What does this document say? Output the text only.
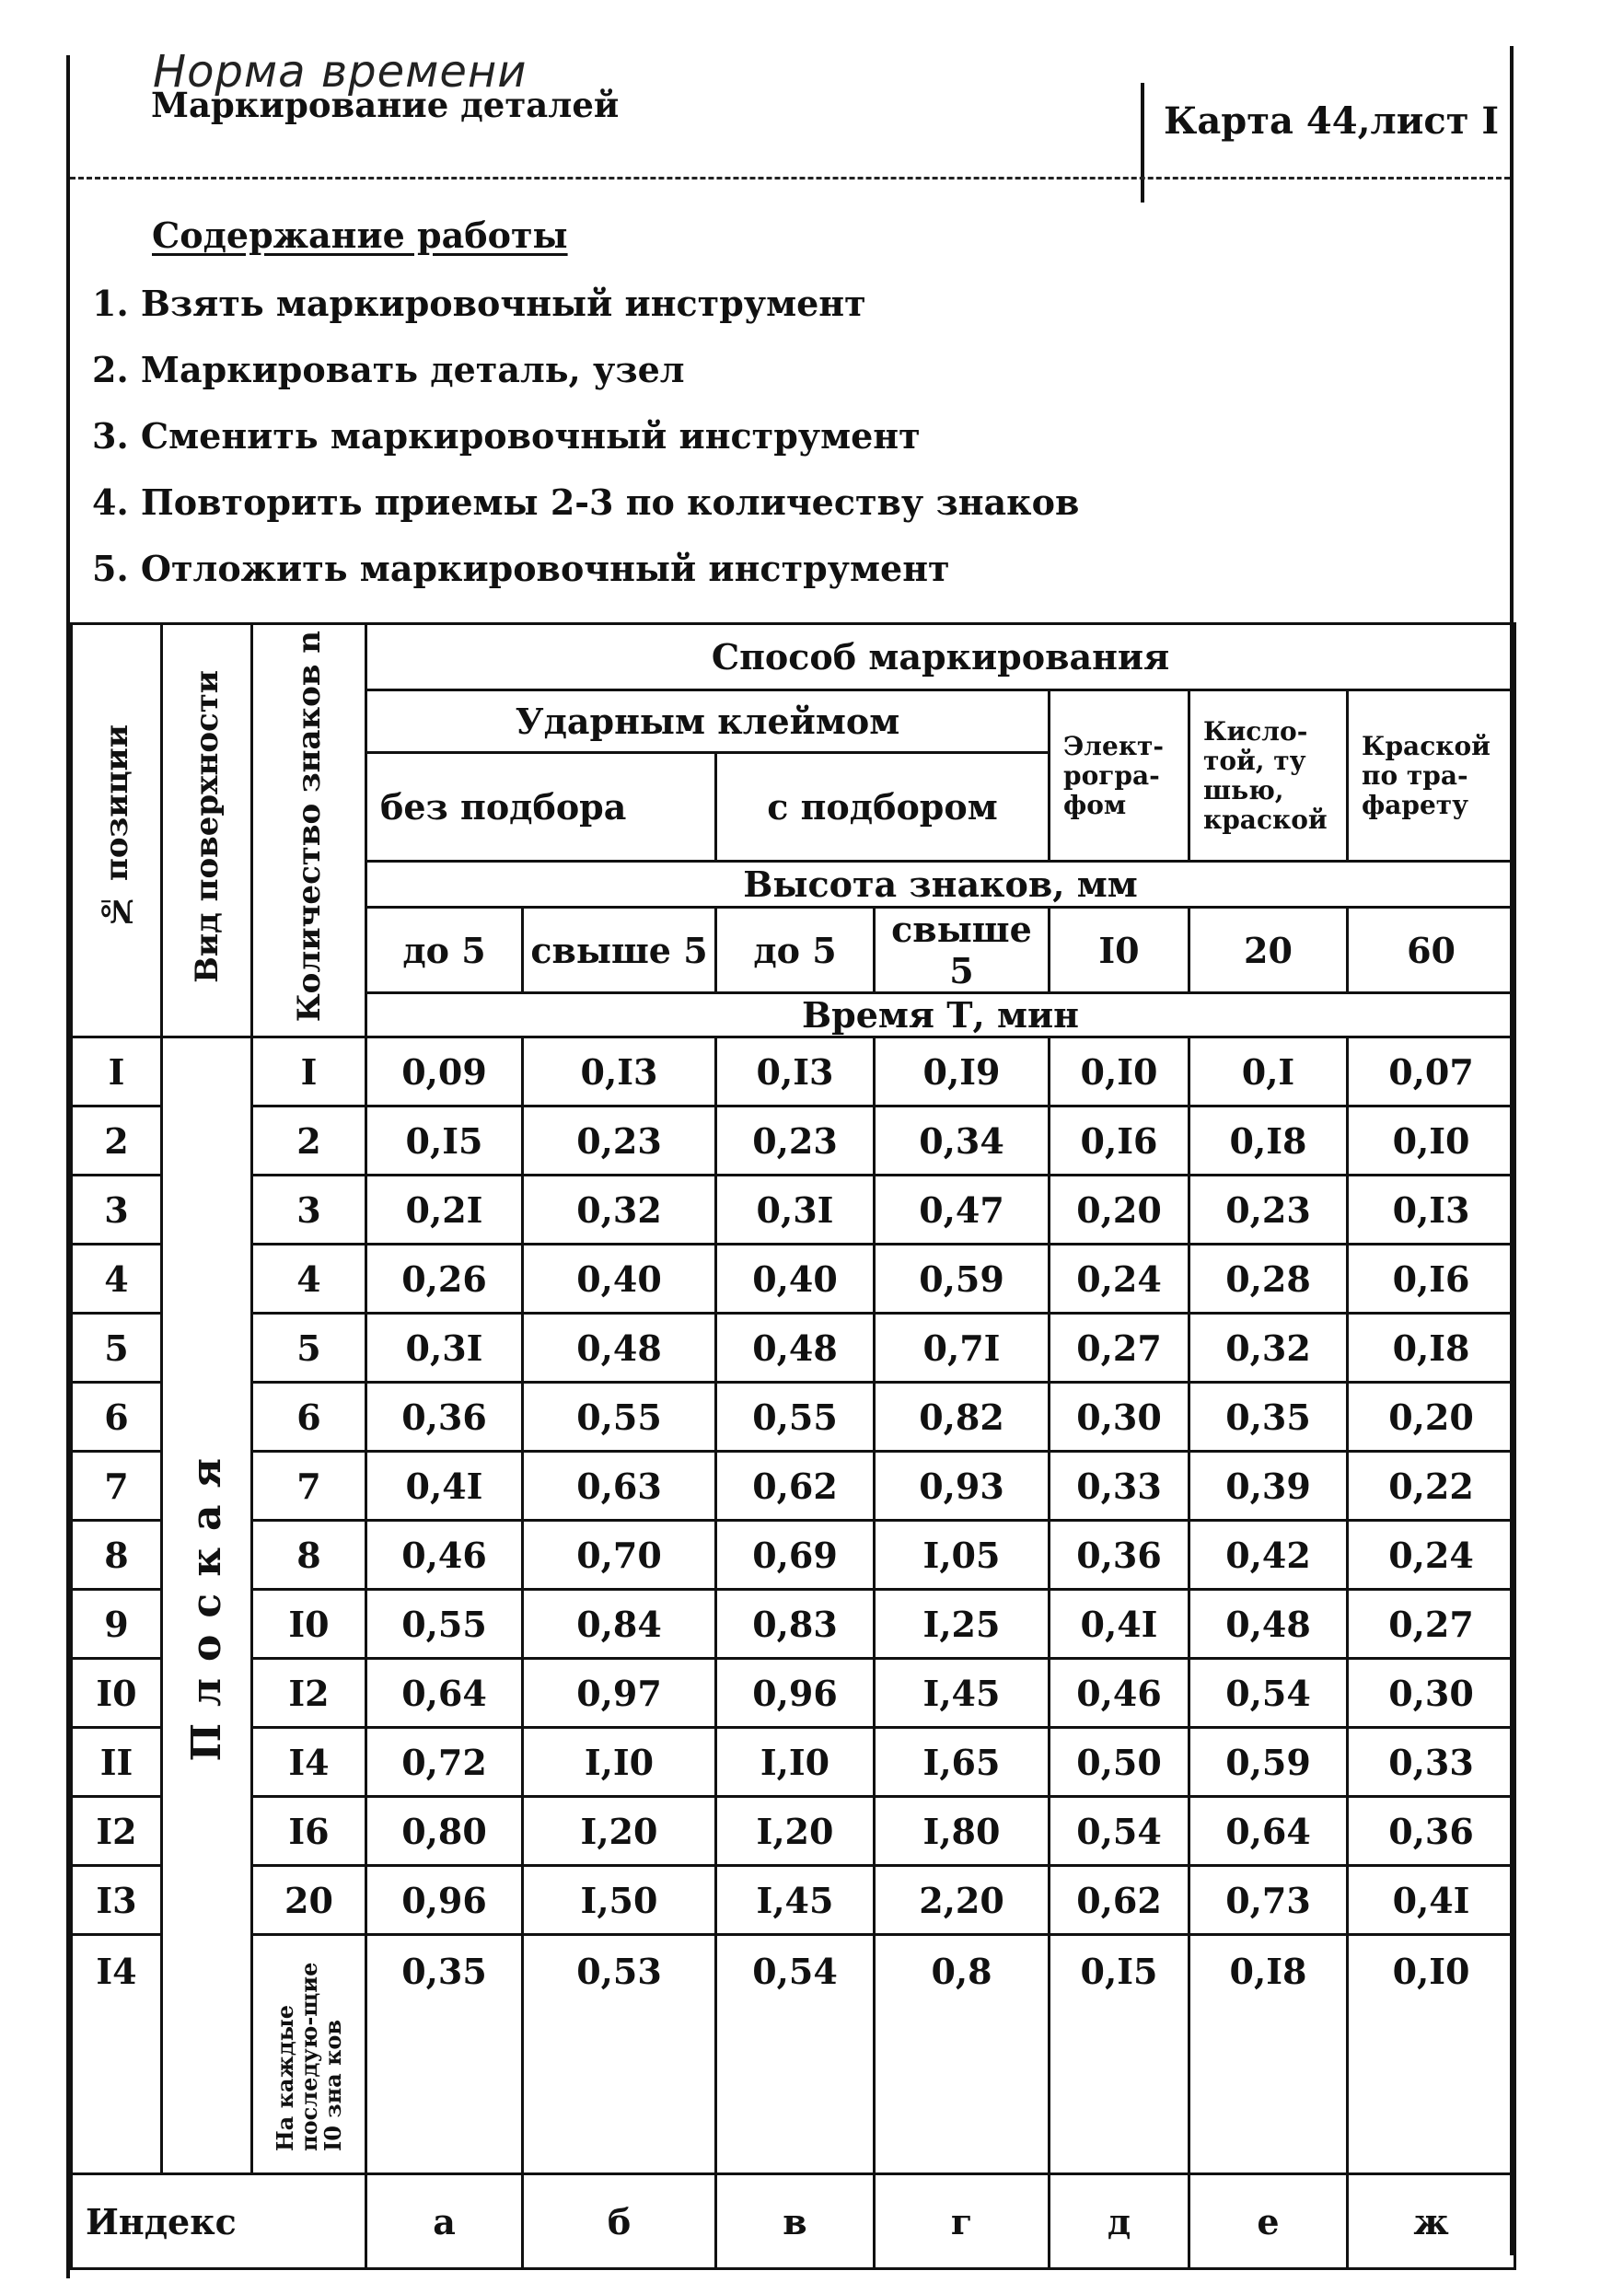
Норма времени
Маркирование деталей	Карта 44,лист I
Содержание работы
1. Взять маркировочный инструмент
2. Маркировать деталь, узел
3. Сменить маркировочный инструмент
4. Повторить приемы 2-3 по количеству знаков
5. Отложить маркировочный инструмент
№ позиции	Вид поверхности	Количество знаков n	Способ маркирования						
			Ударным клеймом				Элект-рогра-фом	Кисло-той, ту шью, краской	Краской по тра-фарету
			без подбора		с подбором				
			Высота знаков, мм						
			до 5	свыше 5	до 5	свыше 5	I0	20	60
			Время Т, мин						
I	Плоская	I	0,09	0,I3	0,I3	0,I9	0,I0	0,I	0,07
2		2	0,I5	0,23	0,23	0,34	0,I6	0,I8	0,I0
3		3	0,2I	0,32	0,3I	0,47	0,20	0,23	0,I3
4		4	0,26	0,40	0,40	0,59	0,24	0,28	0,I6
5		5	0,3I	0,48	0,48	0,7I	0,27	0,32	0,I8
6		6	0,36	0,55	0,55	0,82	0,30	0,35	0,20
7		7	0,4I	0,63	0,62	0,93	0,33	0,39	0,22
8		8	0,46	0,70	0,69	I,05	0,36	0,42	0,24
9		I0	0,55	0,84	0,83	I,25	0,4I	0,48	0,27
I0		I2	0,64	0,97	0,96	I,45	0,46	0,54	0,30
II		I4	0,72	I,I0	I,I0	I,65	0,50	0,59	0,33
I2		I6	0,80	I,20	I,20	I,80	0,54	0,64	0,36
I3		20	0,96	I,50	I,45	2,20	0,62	0,73	0,4I
I4		На каждые последую-щие I0 зна ков	0,35	0,53	0,54	0,8	0,I5	0,I8	0,I0
Индекс			а	б	в	г	д	е	ж
